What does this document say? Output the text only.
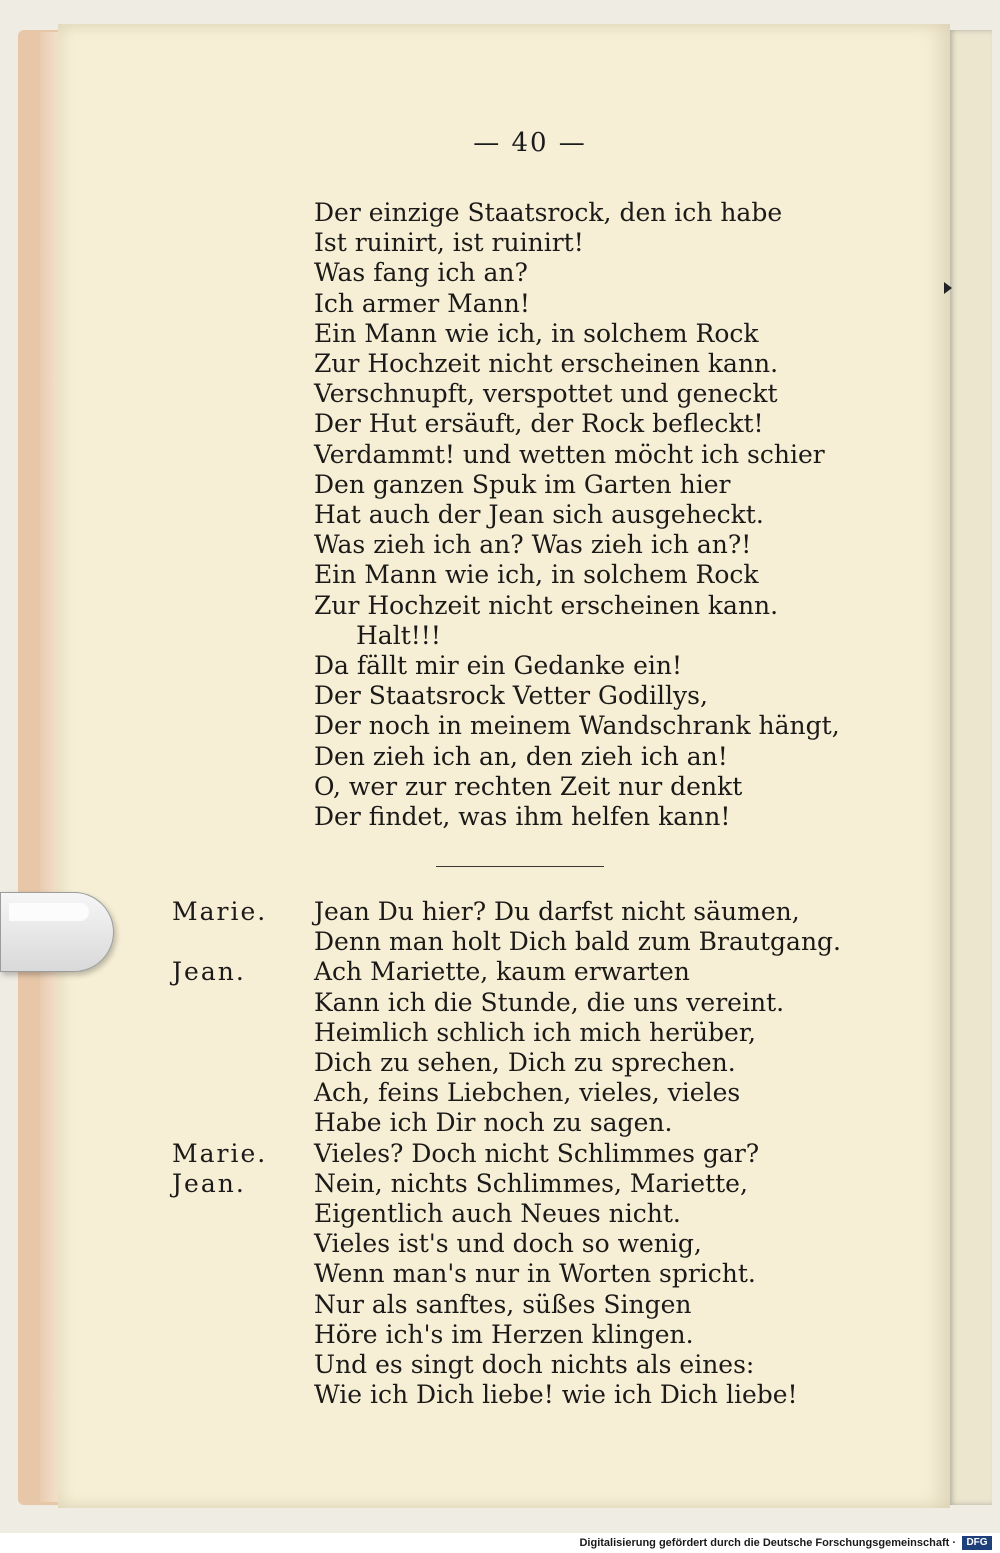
— 40 —
Der einzige Staatsrock, den ich habe
Ist ruinirt, ist ruinirt!
Was fang ich an?
Ich armer Mann!
Ein Mann wie ich, in solchem Rock
Zur Hochzeit nicht erscheinen kann.
Verschnupft, verspottet und geneckt
Der Hut ersäuft, der Rock befleckt!
Verdammt! und wetten möcht ich schier
Den ganzen Spuk im Garten hier
Hat auch der Jean sich ausgeheckt.
Was zieh ich an? Was zieh ich an?!
Ein Mann wie ich, in solchem Rock
Zur Hochzeit nicht erscheinen kann.
Halt!!!
Da fällt mir ein Gedanke ein!
Der Staatsrock Vetter Godillys,
Der noch in meinem Wandschrank hängt,
Den zieh ich an, den zieh ich an!
O, wer zur rechten Zeit nur denkt
Der findet, was ihm helfen kann!
Marie. Jean Du hier? Du darfst nicht säumen,
Denn man holt Dich bald zum Brautgang.
Jean.	Ach Mariette, kaum erwarten
Kann ich die Stunde, die uns vereint.
Heimlich schlich ich mich herüber,
Dich zu sehen, Dich zu sprechen.
Ach, feins Liebchen, vieles, vieles
Habe ich Dir noch zu sagen.
Marie. Vieles? Doch nicht Schlimmes gar?
Jean.	Nein, nichts Schlimmes, Mariette,
Eigentlich auch Neues nicht.
Vieles ist's und doch so wenig,
Wenn man's nur in Worten spricht.
Nur als sanftes, süßes Singen
Höre ich's im Herzen klingen.
Und es singt doch nichts als eines:
Wie ich Dich liebe! wie ich Dich liebe!
Digitalisierung gefördert durch die Deutsche Forschungsgemeinschaft ·	DFG
